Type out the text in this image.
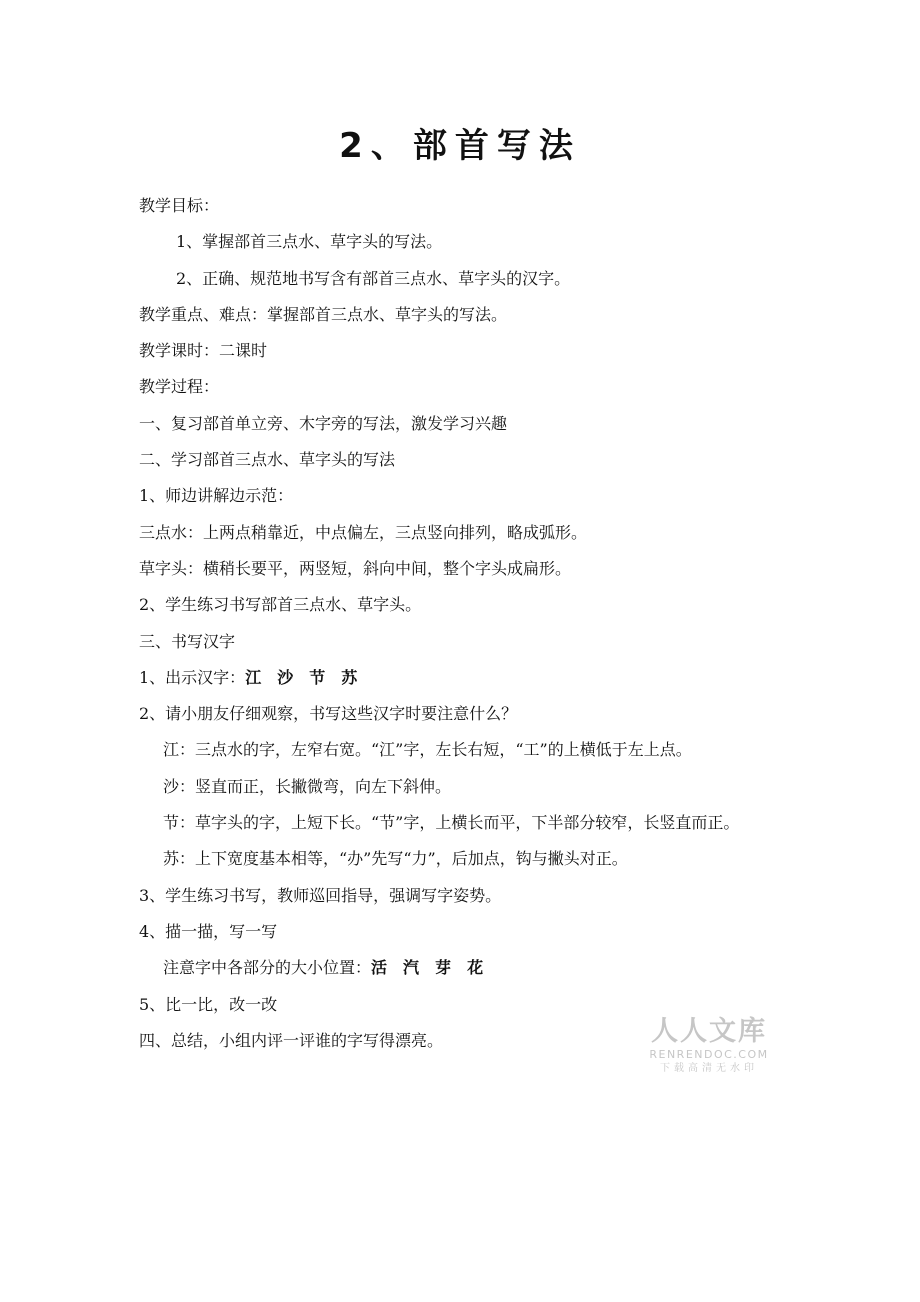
2、部首写法

教学目标：

1、掌握部首三点水、草字头的写法。

2、正确、规范地书写含有部首三点水、草字头的汉字。

教学重点、难点：掌握部首三点水、草字头的写法。

教学课时：二课时

教学过程：

一、复习部首单立旁、木字旁的写法，激发学习兴趣

二、学习部首三点水、草字头的写法

1、师边讲解边示范：

三点水：上两点稍靠近，中点偏左，三点竖向排列，略成弧形。

草字头：横稍长要平，两竖短，斜向中间，整个字头成扁形。

2、学生练习书写部首三点水、草字头。

三、书写汉字

1、出示汉字：江 沙 节 苏

2、请小朋友仔细观察，书写这些汉字时要注意什么？

江：三点水的字，左窄右宽。“江”字，左长右短，“工”的上横低于左上点。

沙：竖直而正，长撇微弯，向左下斜伸。

节：草字头的字，上短下长。“节”字，上横长而平，下半部分较窄，长竖直而正。

苏：上下宽度基本相等，“办”先写“力”，后加点，钩与撇头对正。

3、学生练习书写，教师巡回指导，强调写字姿势。

4、描一描，写一写

注意字中各部分的大小位置：活 汽 芽 花

5、比一比，改一改

四、总结，小组内评一评谁的字写得漂亮。	人人文库
RENRENDOC.COM
下载高清无水印
